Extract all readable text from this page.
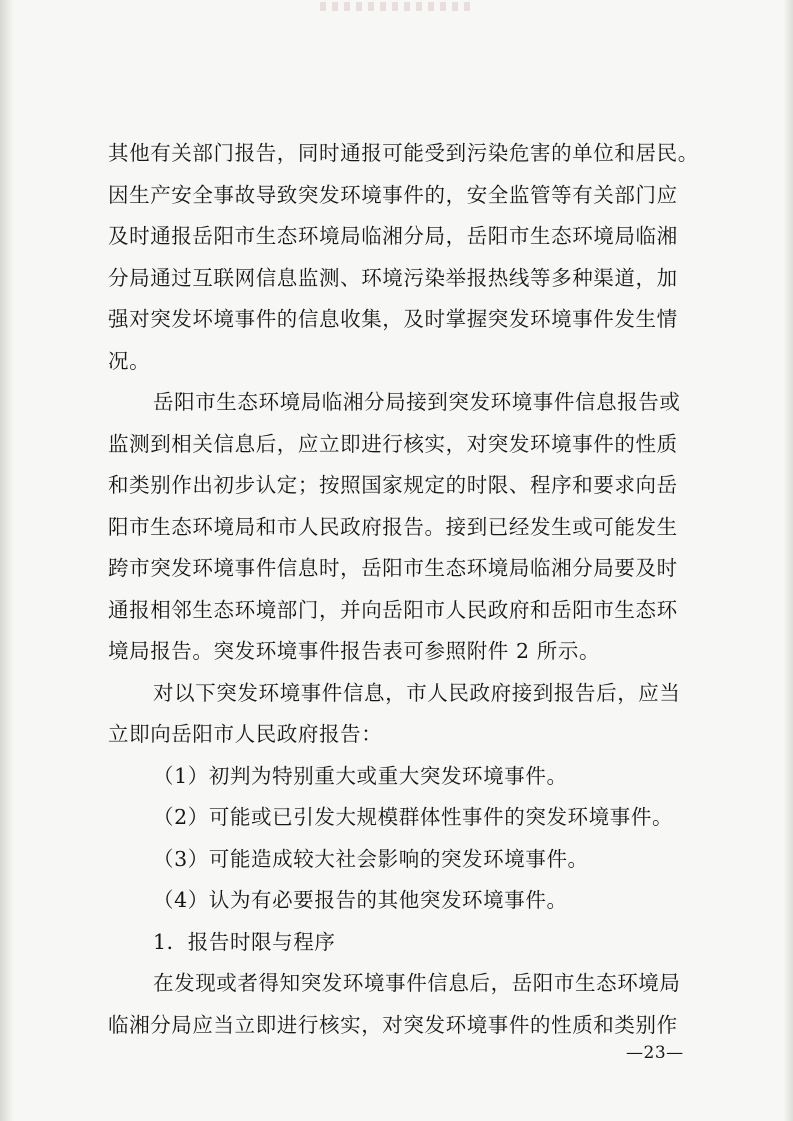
其他有关部门报告，同时通报可能受到污染危害的单位和居民。
因生产安全事故导致突发环境事件的，安全监管等有关部门应
及时通报岳阳市生态环境局临湘分局，岳阳市生态环境局临湘
分局通过互联网信息监测、环境污染举报热线等多种渠道，加
强对突发坏境事件的信息收集，及时掌握突发环境事件发生情
况。
岳阳市生态环境局临湘分局接到突发环境事件信息报告或
监测到相关信息后，应立即进行核实，对突发环境事件的性质
和类别作出初步认定；按照国家规定的时限、程序和要求向岳
阳市生态环境局和市人民政府报告。接到已经发生或可能发生
跨市突发环境事件信息时，岳阳市生态环境局临湘分局要及时
通报相邻生态环境部门，并向岳阳市人民政府和岳阳市生态环
境局报告。突发环境事件报告表可参照附件 2 所示。
对以下突发环境事件信息，市人民政府接到报告后，应当
立即向岳阳市人民政府报告：
（1）初判为特别重大或重大突发环境事件。
（2）可能或已引发大规模群体性事件的突发环境事件。
（3）可能造成较大社会影响的突发环境事件。
（4）认为有必要报告的其他突发环境事件。
1．报告时限与程序
在发现或者得知突发环境事件信息后，岳阳市生态环境局
临湘分局应当立即进行核实，对突发环境事件的性质和类别作
—23—
